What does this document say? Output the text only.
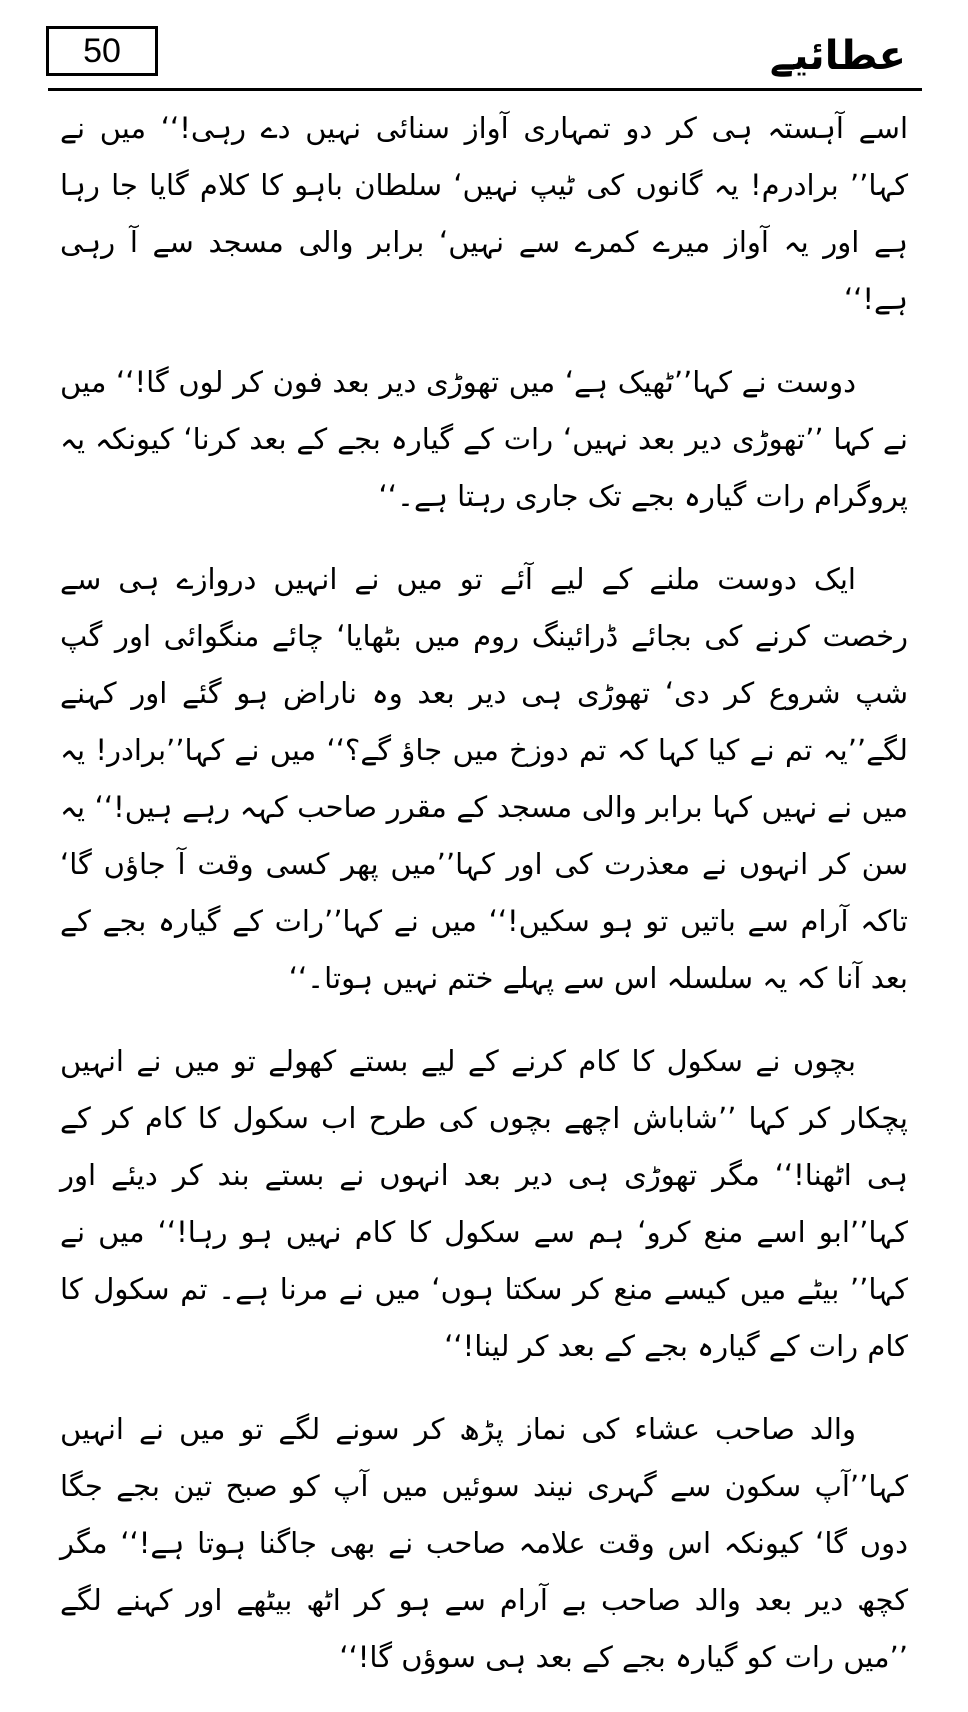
50	عطائیے

اسے آہستہ ہی کر دو تمہاری آواز سنائی نہیں دے رہی!‘‘ میں نے کہا’’ برادرم! یہ گانوں کی ٹیپ نہیں‘ سلطان باہو کا کلام گایا جا رہا ہے اور یہ آواز میرے کمرے سے نہیں‘ برابر والی مسجد سے آ رہی ہے!‘‘

دوست نے کہا’’ٹھیک ہے‘ میں تھوڑی دیر بعد فون کر لوں گا!‘‘ میں نے کہا ’’تھوڑی دیر بعد نہیں‘ رات کے گیارہ بجے کے بعد کرنا‘ کیونکہ یہ پروگرام رات گیارہ بجے تک جاری رہتا ہے۔‘‘

ایک دوست ملنے کے لیے آئے تو میں نے انہیں دروازے ہی سے رخصت کرنے کی بجائے ڈرائینگ روم میں بٹھایا‘ چائے منگوائی اور گپ شپ شروع کر دی‘ تھوڑی ہی دیر بعد وہ ناراض ہو گئے اور کہنے لگے’’یہ تم نے کیا کہا کہ تم دوزخ میں جاؤ گے؟‘‘ میں نے کہا’’برادر! یہ میں نے نہیں کہا برابر والی مسجد کے مقرر صاحب کہہ رہے ہیں!‘‘ یہ سن کر انہوں نے معذرت کی اور کہا’’میں پھر کسی وقت آ جاؤں گا‘ تاکہ آرام سے باتیں تو ہو سکیں!‘‘ میں نے کہا’’رات کے گیارہ بجے کے بعد آنا کہ یہ سلسلہ اس سے پہلے ختم نہیں ہوتا۔‘‘

بچوں نے سکول کا کام کرنے کے لیے بستے کھولے تو میں نے انہیں پچکار کر کہا ’’شاباش اچھے بچوں کی طرح اب سکول کا کام کر کے ہی اٹھنا!‘‘ مگر تھوڑی ہی دیر بعد انہوں نے بستے بند کر دیئے اور کہا’’ابو اسے منع کرو‘ ہم سے سکول کا کام نہیں ہو رہا!‘‘ میں نے کہا’’ بیٹے میں کیسے منع کر سکتا ہوں‘ میں نے مرنا ہے۔ تم سکول کا کام رات کے گیارہ بجے کے بعد کر لینا!‘‘

والد صاحب عشاء کی نماز پڑھ کر سونے لگے تو میں نے انہیں کہا’’آپ سکون سے گہری نیند سوئیں میں آپ کو صبح تین بجے جگا دوں گا‘ کیونکہ اس وقت علامہ صاحب نے بھی جاگنا ہوتا ہے!‘‘ مگر کچھ دیر بعد والد صاحب بے آرام سے ہو کر اٹھ بیٹھے اور کہنے لگے ’’میں رات کو گیارہ بجے کے بعد ہی سوؤں گا!‘‘
